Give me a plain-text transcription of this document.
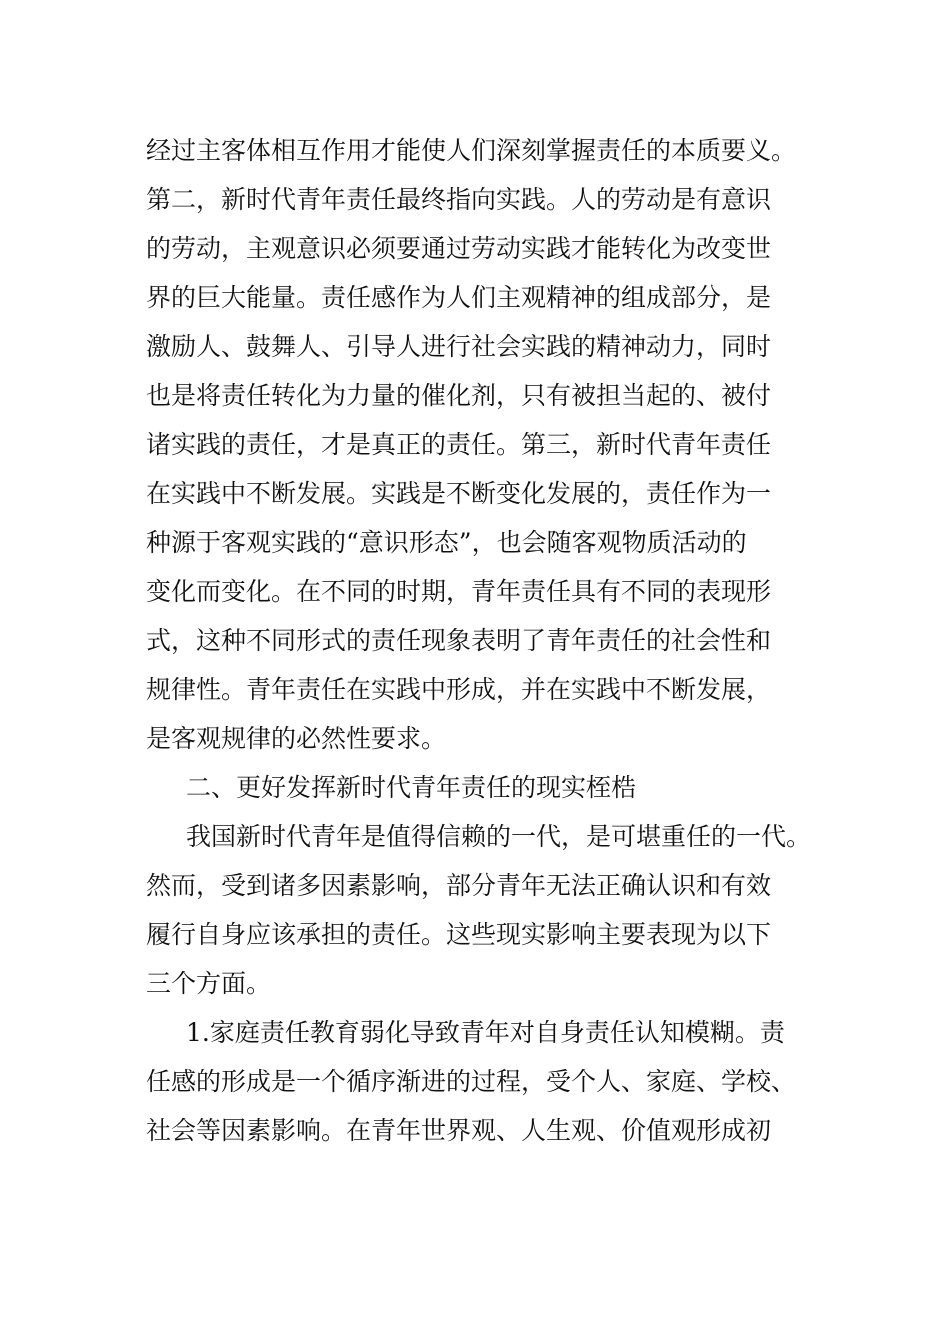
经过主客体相互作用才能使人们深刻掌握责任的本质要义。
第二，新时代青年责任最终指向实践。人的劳动是有意识
的劳动，主观意识必须要通过劳动实践才能转化为改变世
界的巨大能量。责任感作为人们主观精神的组成部分，是
激励人、鼓舞人、引导人进行社会实践的精神动力，同时
也是将责任转化为力量的催化剂，只有被担当起的、被付
诸实践的责任，才是真正的责任。第三，新时代青年责任
在实践中不断发展。实践是不断变化发展的，责任作为一
种源于客观实践的“意识形态”，也会随客观物质活动的
变化而变化。在不同的时期，青年责任具有不同的表现形
式，这种不同形式的责任现象表明了青年责任的社会性和
规律性。青年责任在实践中形成，并在实践中不断发展，
是客观规律的必然性要求。
二、更好发挥新时代青年责任的现实桎梏
我国新时代青年是值得信赖的一代，是可堪重任的一代。
然而，受到诸多因素影响，部分青年无法正确认识和有效
履行自身应该承担的责任。这些现实影响主要表现为以下
三个方面。
1.家庭责任教育弱化导致青年对自身责任认知模糊。责
任感的形成是一个循序渐进的过程，受个人、家庭、学校、
社会等因素影响。在青年世界观、人生观、价值观形成初
